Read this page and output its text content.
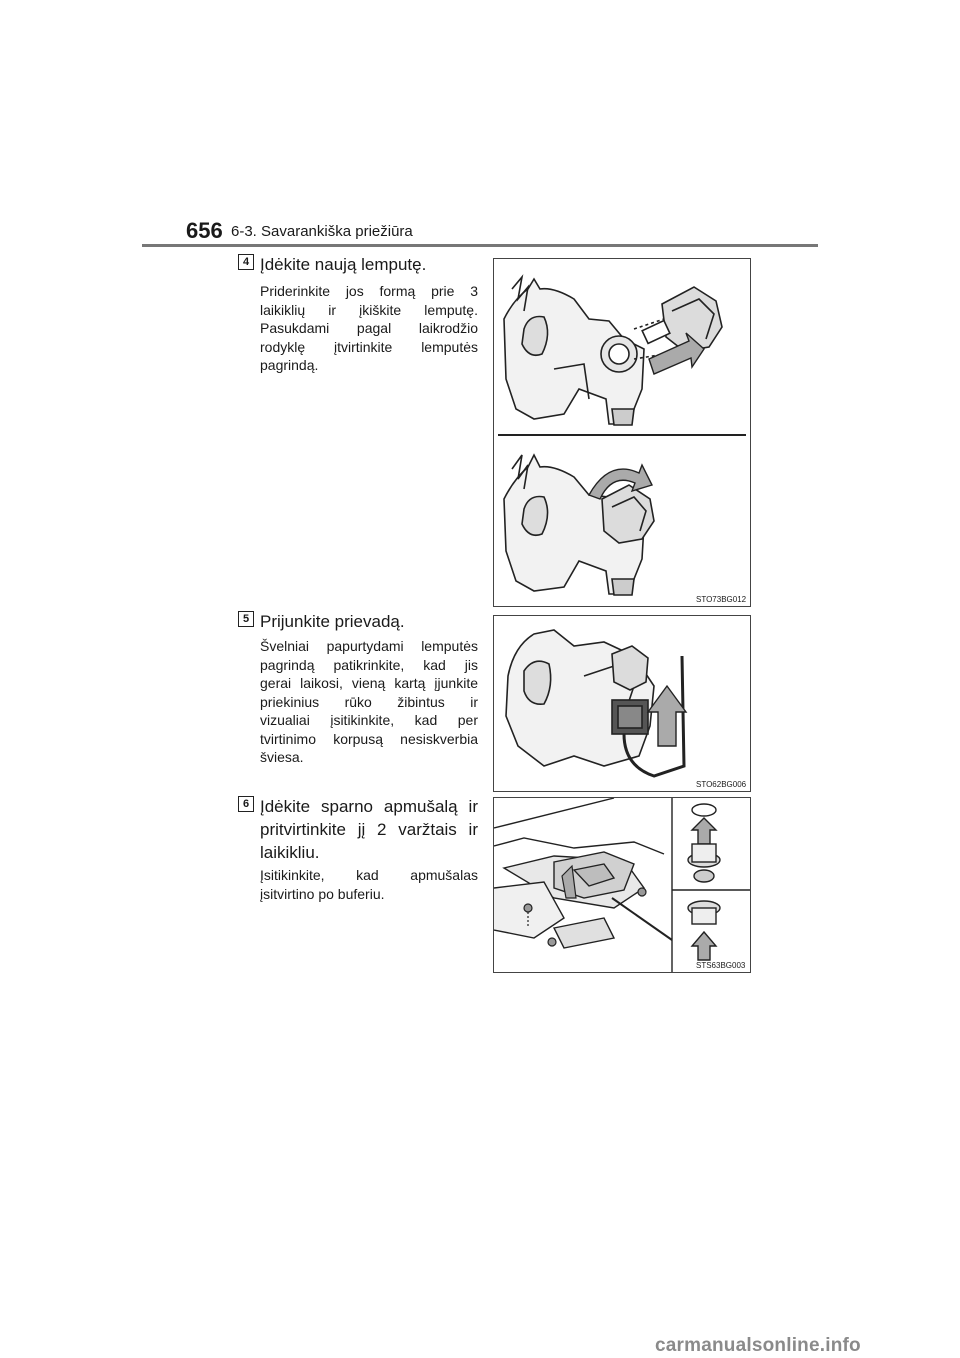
656 6-3. Savarankiška priežiūra
4 Įdėkite naują lemputę.
Priderinkite jos formą prie 3
laikiklių ir įkiškite lemputę.
Pasukdami pagal laikrodžio
rodyklę įtvirtinkite lemputės
pagrindą.
STO73BG012
5 Prijunkite prievadą.
Švelniai papurtydami lemputės
pagrindą patikrinkite, kad jis
gerai laikosi, vieną kartą įjunkite
priekinius rūko žibintus ir
vizualiai įsitikinkite, kad per
tvirtinimo korpusą nesiskverbia
šviesa.
STO62BG006
6 Įdėkite sparno apmušalą ir
pritvirtinkite jį 2 varžtais ir
laikikliu.
Įsitikinkite, kad apmušalas
įsitvirtino po buferiu.
STS63BG003
carmanualsonline.info
